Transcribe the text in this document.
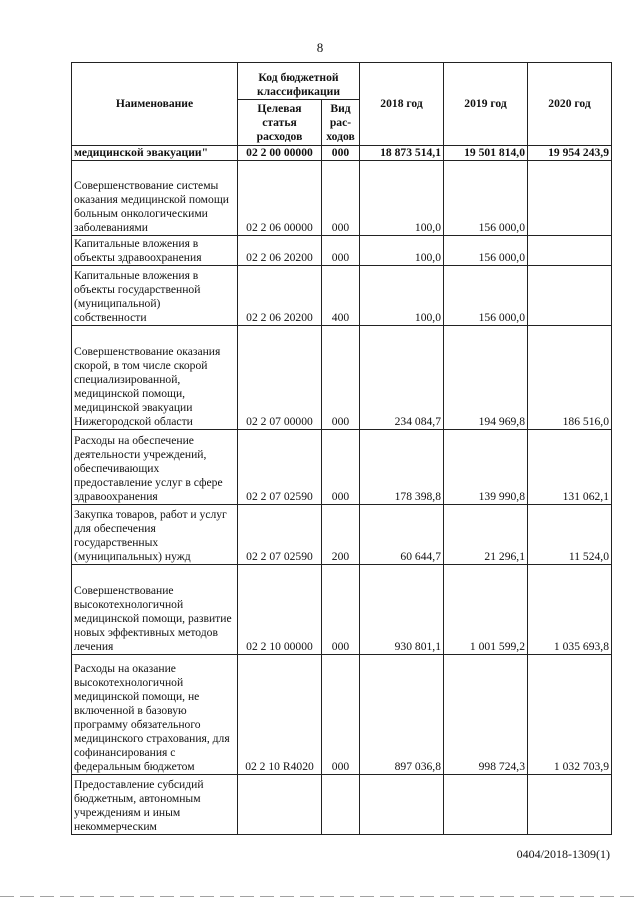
8
Наименование	Код бюджетной классификации		2018 год	2019 год	2020 год
	Целевая статья расходов	Вид рас-ходов			
медицинской эвакуации"	02 2 00 00000	000	18 873 514,1	19 501 814,0	19 954 243,9
Совершенствование системы оказания медицинской помощи больным онкологическими заболеваниями	02 2 06 00000	000	100,0	156 000,0	
Капитальные вложения в объекты здравоохранения	02 2 06 20200	000	100,0	156 000,0	
Капитальные вложения в объекты государственной (муниципальной) собственности	02 2 06 20200	400	100,0	156 000,0	
Совершенствование оказания скорой, в том числе скорой специализированной, медицинской помощи, медицинской эвакуации Нижегородской области	02 2 07 00000	000	234 084,7	194 969,8	186 516,0
Расходы на обеспечение деятельности учреждений, обеспечивающих предоставление услуг в сфере здравоохранения	02 2 07 02590	000	178 398,8	139 990,8	131 062,1
Закупка товаров, работ и услуг для обеспечения государственных (муниципальных) нужд	02 2 07 02590	200	60 644,7	21 296,1	11 524,0
Совершенствование высокотехнологичной медицинской помощи, развитие новых эффективных методов лечения	02 2 10 00000	000	930 801,1	1 001 599,2	1 035 693,8
Расходы на оказание высокотехнологичной медицинской помощи, не включенной в базовую программу обязательного медицинского страхования, для софинансирования с федеральным бюджетом	02 2 10 R4020	000	897 036,8	998 724,3	1 032 703,9
Предоставление субсидий бюджетным, автономным учреждениям и иным некоммерческим					
0404/2018-1309(1)
